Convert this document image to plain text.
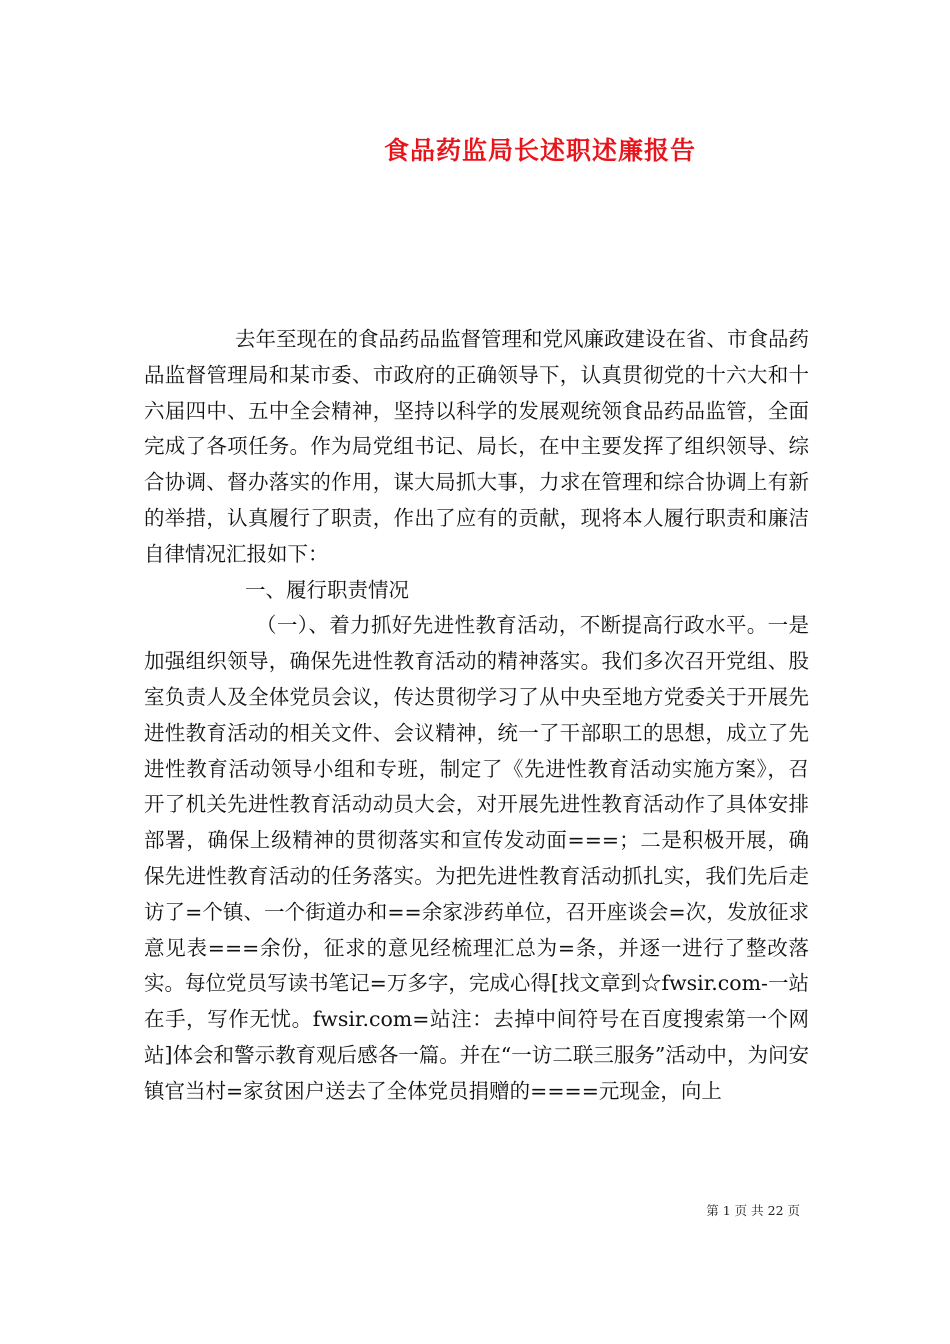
食品药监局长述职述廉报告

去年至现在的食品药品监督管理和党风廉政建设在省、市食品药品监督管理局和某市委、市政府的正确领导下，认真贯彻党的十六大和十六届四中、五中全会精神，坚持以科学的发展观统领食品药品监管，全面完成了各项任务。作为局党组书记、局长，在中主要发挥了组织领导、综合协调、督办落实的作用，谋大局抓大事，力求在管理和综合协调上有新的举措，认真履行了职责，作出了应有的贡献，现将本人履行职责和廉洁自律情况汇报如下：

一、履行职责情况

（一）、着力抓好先进性教育活动，不断提高行政水平。一是加强组织领导，确保先进性教育活动的精神落实。我们多次召开党组、股室负责人及全体党员会议，传达贯彻学习了从中央至地方党委关于开展先进性教育活动的相关文件、会议精神，统一了干部职工的思想，成立了先进性教育活动领导小组和专班，制定了《先进性教育活动实施方案》，召开了机关先进性教育活动动员大会，对开展先进性教育活动作了具体安排部署，确保上级精神的贯彻落实和宣传发动面===；二是积极开展，确保先进性教育活动的任务落实。为把先进性教育活动抓扎实，我们先后走访了=个镇、一个街道办和==余家涉药单位，召开座谈会=次，发放征求意见表===余份，征求的意见经梳理汇总为=条，并逐一进行了整改落实。每位党员写读书笔记=万多字，完成心得[找文章到☆fwsir.com-一站在手，写作无忧。fwsir.com=站注：去掉中间符号在百度搜索第一个网站]体会和警示教育观后感各一篇。并在“一访二联三服务”活动中，为问安镇官当村=家贫困户送去了全体党员捐赠的====元现金，向上

第 1 页 共 22 页
